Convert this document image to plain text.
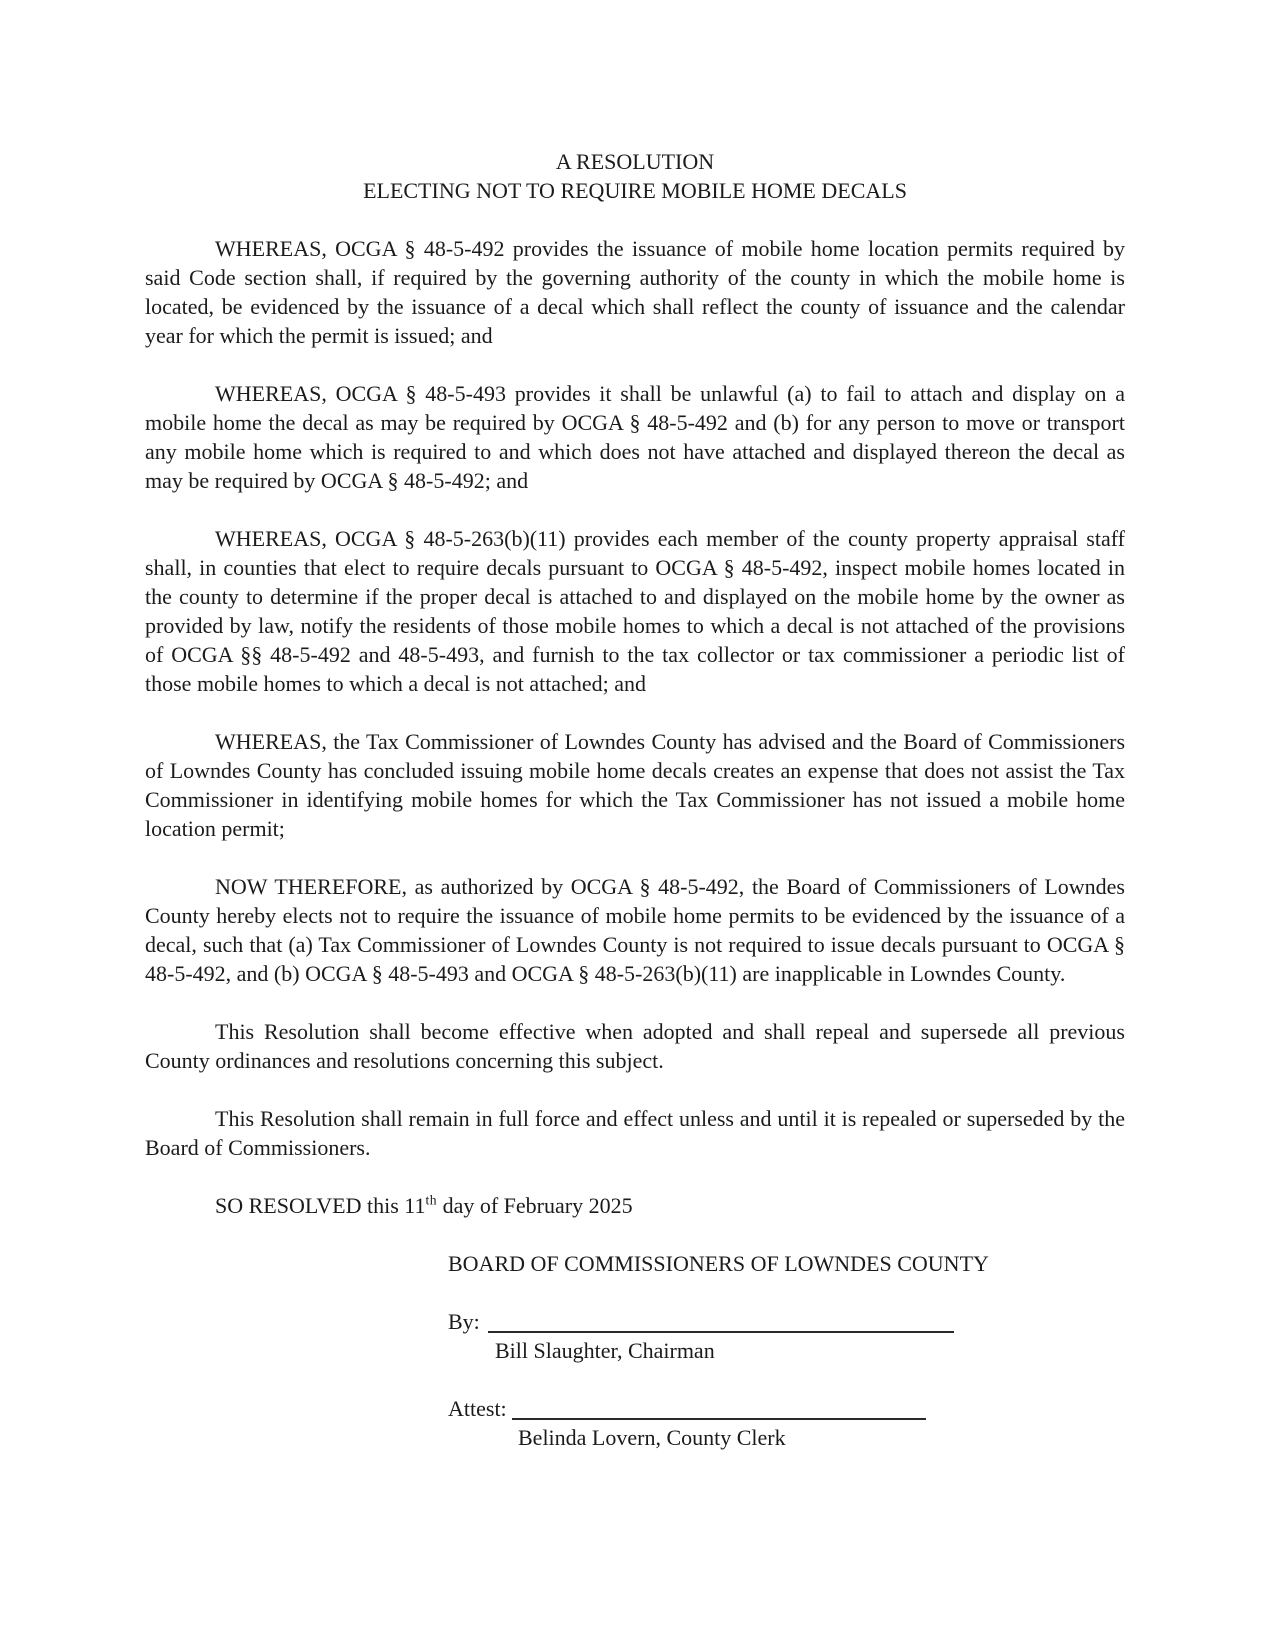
A RESOLUTION
ELECTING NOT TO REQUIRE MOBILE HOME DECALS

WHEREAS, OCGA § 48-5-492 provides the issuance of mobile home location permits required by said Code section shall, if required by the governing authority of the county in which the mobile home is located, be evidenced by the issuance of a decal which shall reflect the county of issuance and the calendar year for which the permit is issued; and

WHEREAS, OCGA § 48-5-493 provides it shall be unlawful (a) to fail to attach and display on a mobile home the decal as may be required by OCGA § 48-5-492 and (b) for any person to move or transport any mobile home which is required to and which does not have attached and displayed thereon the decal as may be required by OCGA § 48-5-492; and

WHEREAS, OCGA § 48-5-263(b)(11) provides each member of the county property appraisal staff shall, in counties that elect to require decals pursuant to OCGA § 48-5-492, inspect mobile homes located in the county to determine if the proper decal is attached to and displayed on the mobile home by the owner as provided by law, notify the residents of those mobile homes to which a decal is not attached of the provisions of OCGA §§ 48-5-492 and 48-5-493, and furnish to the tax collector or tax commissioner a periodic list of those mobile homes to which a decal is not attached; and

WHEREAS, the Tax Commissioner of Lowndes County has advised and the Board of Commissioners of Lowndes County has concluded issuing mobile home decals creates an expense that does not assist the Tax Commissioner in identifying mobile homes for which the Tax Commissioner has not issued a mobile home location permit;

NOW THEREFORE, as authorized by OCGA § 48-5-492, the Board of Commissioners of Lowndes County hereby elects not to require the issuance of mobile home permits to be evidenced by the issuance of a decal, such that (a) Tax Commissioner of Lowndes County is not required to issue decals pursuant to OCGA § 48-5-492, and (b) OCGA § 48-5-493 and OCGA § 48-5-263(b)(11) are inapplicable in Lowndes County.

This Resolution shall become effective when adopted and shall repeal and supersede all previous County ordinances and resolutions concerning this subject.

This Resolution shall remain in full force and effect unless and until it is repealed or superseded by the Board of Commissioners.

SO RESOLVED this 11th day of February 2025

BOARD OF COMMISSIONERS OF LOWNDES COUNTY
By:
Bill Slaughter, Chairman
Attest:
Belinda Lovern, County Clerk
